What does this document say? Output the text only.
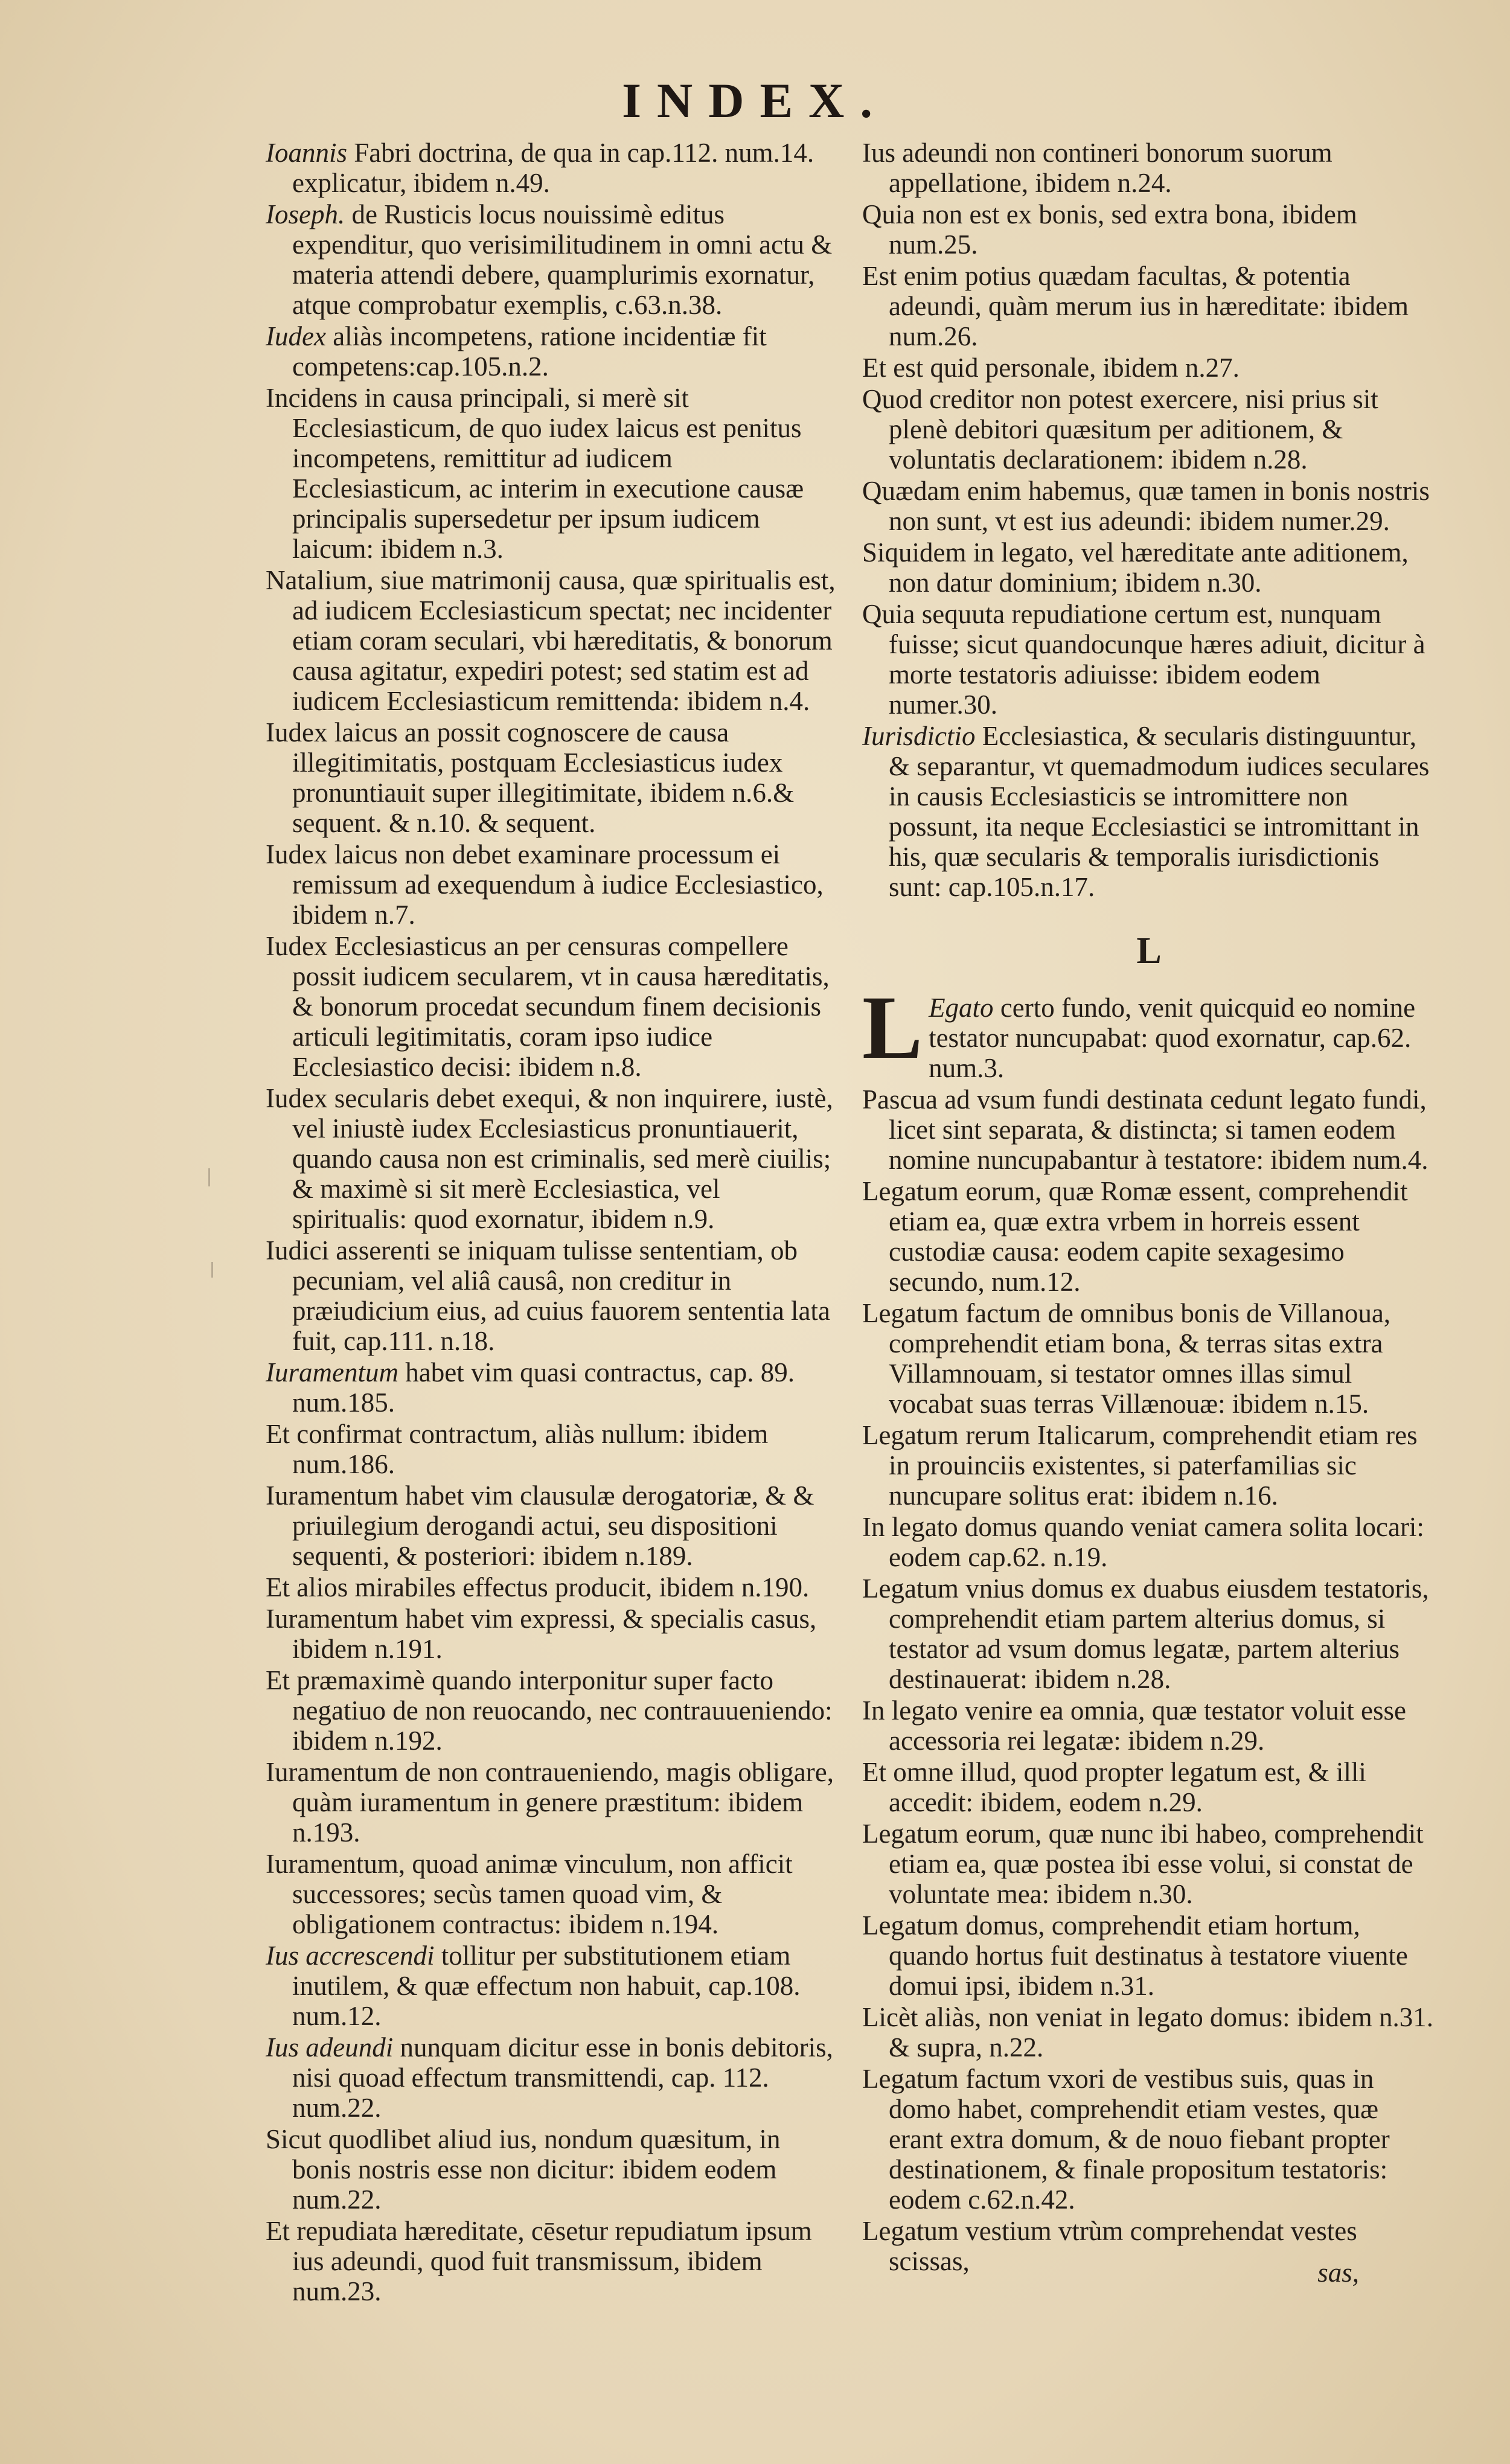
INDEX.
Ioannis Fabri doctrina, de qua in cap.112. num.14. explicatur, ibidem n.49.
Ioseph. de Rusticis locus nouissimè editus expenditur, quo verisimilitudinem in omni actu & materia attendi debere, quamplurimis exornatur, atque comprobatur exemplis, c.63.n.38.
Iudex aliàs incompetens, ratione incidentiæ fit competens:cap.105.n.2.
Incidens in causa principali, si merè sit Ecclesiasticum, de quo iudex laicus est penitus incompetens, remittitur ad iudicem Ecclesiasticum, ac interim in executione causæ principalis supersedetur per ipsum iudicem laicum: ibidem n.3.
Natalium, siue matrimonij causa, quæ spiritualis est, ad iudicem Ecclesiasticum spectat; nec incidenter etiam coram seculari, vbi hæreditatis, & bonorum causa agitatur, expediri potest; sed statim est ad iudicem Ecclesiasticum remittenda: ibidem n.4.
Iudex laicus an possit cognoscere de causa illegitimitatis, postquam Ecclesiasticus iudex pronuntiauit super illegitimitate, ibidem n.6.& sequent. & n.10. & sequent.
Iudex laicus non debet examinare processum ei remissum ad exequendum à iudice Ecclesiastico, ibidem n.7.
Iudex Ecclesiasticus an per censuras compellere possit iudicem secularem, vt in causa hæreditatis, & bonorum procedat secundum finem decisionis articuli legitimitatis, coram ipso iudice Ecclesiastico decisi: ibidem n.8.
Iudex secularis debet exequi, & non inquirere, iustè, vel iniustè iudex Ecclesiasticus pronuntiauerit, quando causa non est criminalis, sed merè ciuilis; & maximè si sit merè Ecclesiastica, vel spiritualis: quod exornatur, ibidem n.9.
Iudici asserenti se iniquam tulisse sententiam, ob pecuniam, vel aliâ causâ, non creditur in præiudicium eius, ad cuius fauorem sententia lata fuit, cap.111. n.18.
Iuramentum habet vim quasi contractus, cap. 89. num.185.
Et confirmat contractum, aliàs nullum: ibidem num.186.
Iuramentum habet vim clausulæ derogatoriæ, & & priuilegium derogandi actui, seu dispositioni sequenti, & posteriori: ibidem n.189.
Et alios mirabiles effectus producit, ibidem n.190.
Iuramentum habet vim expressi, & specialis casus, ibidem n.191.
Et præmaximè quando interponitur super facto negatiuo de non reuocando, nec contrauueniendo: ibidem n.192.
Iuramentum de non contraueniendo, magis obligare, quàm iuramentum in genere præstitum: ibidem n.193.
Iuramentum, quoad animæ vinculum, non afficit successores; secùs tamen quoad vim, & obligationem contractus: ibidem n.194.
Ius accrescendi tollitur per substitutionem etiam inutilem, & quæ effectum non habuit, cap.108. num.12.
Ius adeundi nunquam dicitur esse in bonis debitoris, nisi quoad effectum transmittendi, cap. 112. num.22.
Sicut quodlibet aliud ius, nondum quæsitum, in bonis nostris esse non dicitur: ibidem eodem num.22.
Et repudiata hæreditate, cēsetur repudiatum ipsum ius adeundi, quod fuit transmissum, ibidem num.23.
Ius adeundi non contineri bonorum suorum appellatione, ibidem n.24.
Quia non est ex bonis, sed extra bona, ibidem num.25.
Est enim potius quædam facultas, & potentia adeundi, quàm merum ius in hæreditate: ibidem num.26.
Et est quid personale, ibidem n.27.
Quod creditor non potest exercere, nisi prius sit plenè debitori quæsitum per aditionem, & voluntatis declarationem: ibidem n.28.
Quædam enim habemus, quæ tamen in bonis nostris non sunt, vt est ius adeundi: ibidem numer.29.
Siquidem in legato, vel hæreditate ante aditionem, non datur dominium; ibidem n.30.
Quia sequuta repudiatione certum est, nunquam fuisse; sicut quandocunque hæres adiuit, dicitur à morte testatoris adiuisse: ibidem eodem numer.30.
Iurisdictio Ecclesiastica, & secularis distinguuntur, & separantur, vt quemadmodum iudices seculares in causis Ecclesiasticis se intromittere non possunt, ita neque Ecclesiastici se intromittant in his, quæ secularis & temporalis iurisdictionis sunt: cap.105.n.17.
L
L Egato certo fundo, venit quicquid eo nomine testator nuncupabat: quod exornatur, cap.62. num.3.
Pascua ad vsum fundi destinata cedunt legato fundi, licet sint separata, & distincta; si tamen eodem nomine nuncupabantur à testatore: ibidem num.4.
Legatum eorum, quæ Romæ essent, comprehendit etiam ea, quæ extra vrbem in horreis essent custodiæ causa: eodem capite sexagesimo secundo, num.12.
Legatum factum de omnibus bonis de Villanoua, comprehendit etiam bona, & terras sitas extra Villamnouam, si testator omnes illas simul vocabat suas terras Villænouæ: ibidem n.15.
Legatum rerum Italicarum, comprehendit etiam res in prouinciis existentes, si paterfamilias sic nuncupare solitus erat: ibidem n.16.
In legato domus quando veniat camera solita locari: eodem cap.62. n.19.
Legatum vnius domus ex duabus eiusdem testatoris, comprehendit etiam partem alterius domus, si testator ad vsum domus legatæ, partem alterius destinauerat: ibidem n.28.
In legato venire ea omnia, quæ testator voluit esse accessoria rei legatæ: ibidem n.29.
Et omne illud, quod propter legatum est, & illi accedit: ibidem, eodem n.29.
Legatum eorum, quæ nunc ibi habeo, comprehendit etiam ea, quæ postea ibi esse volui, si constat de voluntate mea: ibidem n.30.
Legatum domus, comprehendit etiam hortum, quando hortus fuit destinatus à testatore viuente domui ipsi, ibidem n.31.
Licèt aliàs, non veniat in legato domus: ibidem n.31. & supra, n.22.
Legatum factum vxori de vestibus suis, quas in domo habet, comprehendit etiam vestes, quæ erant extra domum, & de nouo fiebant propter destinationem, & finale propositum testatoris: eodem c.62.n.42.
Legatum vestium vtrùm comprehendat vestes scissas,	sas,
